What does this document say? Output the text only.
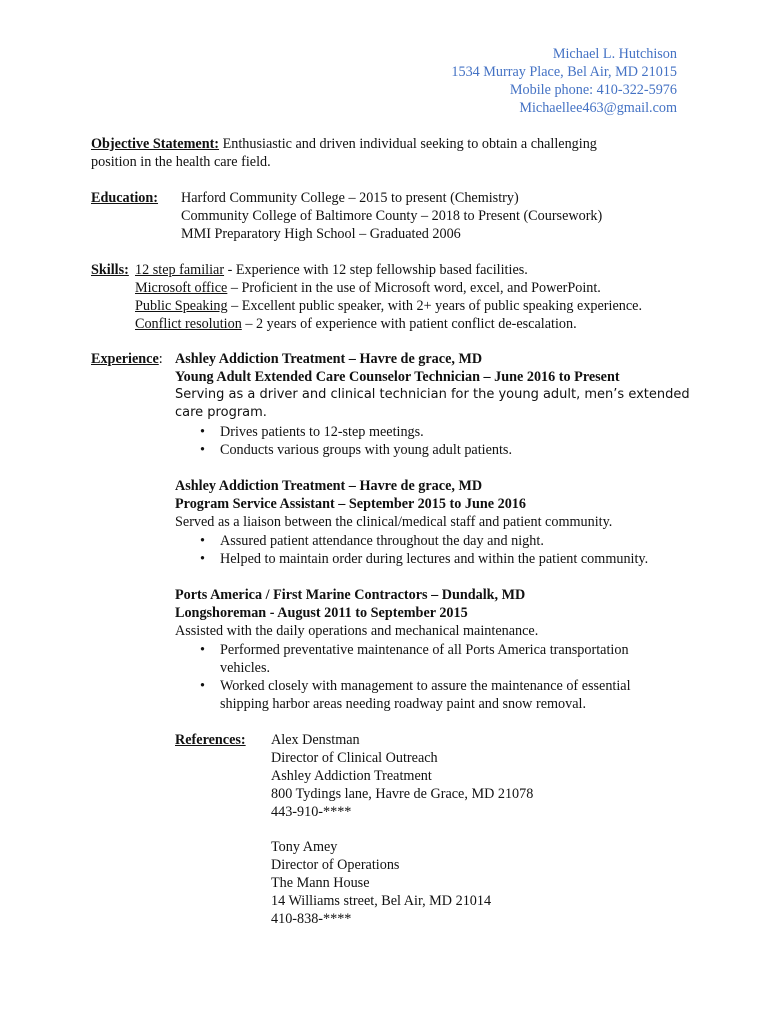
Michael L. Hutchison
1534 Murray Place, Bel Air, MD 21015
Mobile phone: 410-322-5976
Michaellee463@gmail.com
Objective Statement: Enthusiastic and driven individual seeking to obtain a challenging
position in the health care field.
Education: Harford Community College – 2015 to present (Chemistry)
Community College of Baltimore County – 2018 to Present (Coursework)
MMI Preparatory High School – Graduated 2006
Skills: 12 step familiar - Experience with 12 step fellowship based facilities.
Microsoft office – Proficient in the use of Microsoft word, excel, and PowerPoint.
Public Speaking – Excellent public speaker, with 2+ years of public speaking experience.
Conflict resolution – 2 years of experience with patient conflict de-escalation.
Experience: Ashley Addiction Treatment – Havre de grace, MD
Young Adult Extended Care Counselor Technician – June 2016 to Present
Serving as a driver and clinical technician for the young adult, men’s extended
care program.
• Drives patients to 12-step meetings.
• Conducts various groups with young adult patients.
Ashley Addiction Treatment – Havre de grace, MD
Program Service Assistant – September 2015 to June 2016
Served as a liaison between the clinical/medical staff and patient community.
• Assured patient attendance throughout the day and night.
• Helped to maintain order during lectures and within the patient community.
Ports America / First Marine Contractors – Dundalk, MD
Longshoreman - August 2011 to September 2015
Assisted with the daily operations and mechanical maintenance.
• Performed preventative maintenance of all Ports America transportation
vehicles.
• Worked closely with management to assure the maintenance of essential
shipping harbor areas needing roadway paint and snow removal.
References: Alex Denstman
Director of Clinical Outreach
Ashley Addiction Treatment
800 Tydings lane, Havre de Grace, MD 21078
443-910-****
Tony Amey
Director of Operations
The Mann House
14 Williams street, Bel Air, MD 21014
410-838-****
